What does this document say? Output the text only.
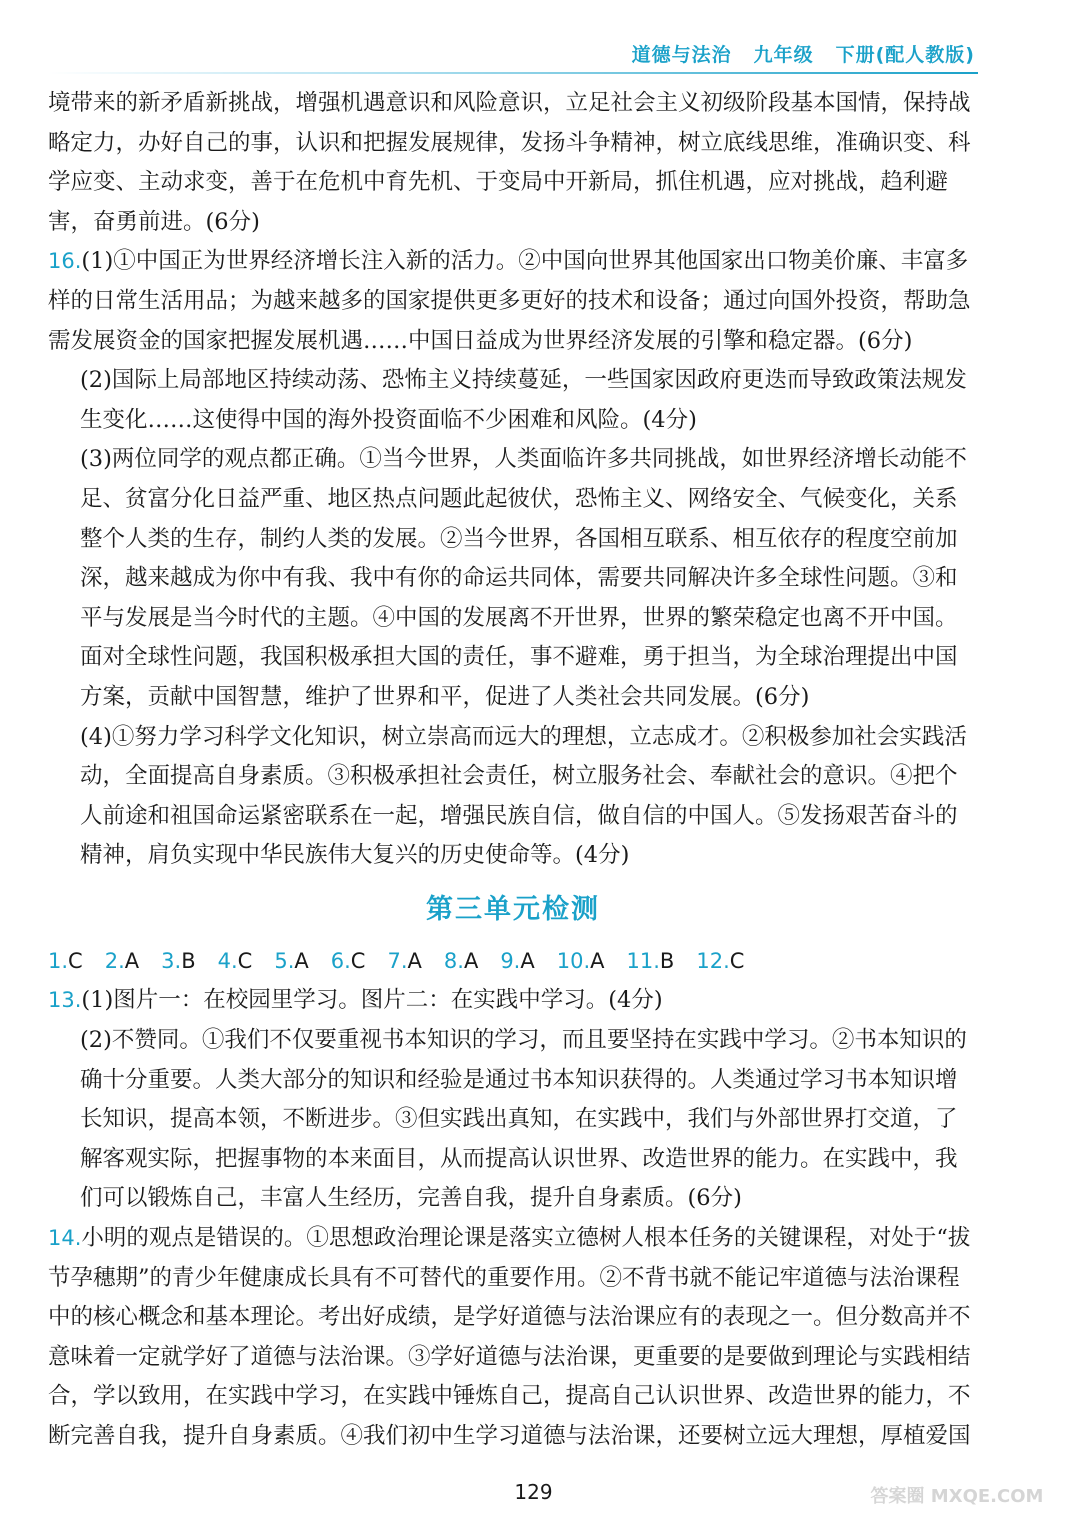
道德与法治 九年级 下册(配人教版)

境带来的新矛盾新挑战，增强机遇意识和风险意识，立足社会主义初级阶段基本国情，保持战略定力，办好自己的事，认识和把握发展规律，发扬斗争精神，树立底线思维，准确识变、科学应变、主动求变，善于在危机中育先机、于变局中开新局，抓住机遇，应对挑战，趋利避害，奋勇前进。(6分)

16.(1)①中国正为世界经济增长注入新的活力。②中国向世界其他国家出口物美价廉、丰富多样的日常生活用品；为越来越多的国家提供更多更好的技术和设备；通过向国外投资，帮助急需发展资金的国家把握发展机遇……中国日益成为世界经济发展的引擎和稳定器。(6分)

(2)国际上局部地区持续动荡、恐怖主义持续蔓延，一些国家因政府更迭而导致政策法规发生变化……这使得中国的海外投资面临不少困难和风险。(4分)

(3)两位同学的观点都正确。①当今世界，人类面临许多共同挑战，如世界经济增长动能不足、贫富分化日益严重、地区热点问题此起彼伏，恐怖主义、网络安全、气候变化，关系整个人类的生存，制约人类的发展。②当今世界，各国相互联系、相互依存的程度空前加深，越来越成为你中有我、我中有你的命运共同体，需要共同解决许多全球性问题。③和平与发展是当今时代的主题。④中国的发展离不开世界，世界的繁荣稳定也离不开中国。面对全球性问题，我国积极承担大国的责任，事不避难，勇于担当，为全球治理提出中国方案，贡献中国智慧，维护了世界和平，促进了人类社会共同发展。(6分)

(4)①努力学习科学文化知识，树立崇高而远大的理想，立志成才。②积极参加社会实践活动，全面提高自身素质。③积极承担社会责任，树立服务社会、奉献社会的意识。④把个人前途和祖国命运紧密联系在一起，增强民族自信，做自信的中国人。⑤发扬艰苦奋斗的精神，肩负实现中华民族伟大复兴的历史使命等。(4分)

第三单元检测
1.C 2.A 3.B 4.C 5.A 6.C 7.A 8.A 9.A 10.A 11.B 12.C

13.(1)图片一：在校园里学习。图片二：在实践中学习。(4分)

(2)不赞同。①我们不仅要重视书本知识的学习，而且要坚持在实践中学习。②书本知识的确十分重要。人类大部分的知识和经验是通过书本知识获得的。人类通过学习书本知识增长知识，提高本领，不断进步。③但实践出真知，在实践中，我们与外部世界打交道，了解客观实际，把握事物的本来面目，从而提高认识世界、改造世界的能力。在实践中，我们可以锻炼自己，丰富人生经历，完善自我，提升自身素质。(6分)

14.小明的观点是错误的。①思想政治理论课是落实立德树人根本任务的关键课程，对处于“拔节孕穗期”的青少年健康成长具有不可替代的重要作用。②不背书就不能记牢道德与法治课程中的核心概念和基本理论。考出好成绩，是学好道德与法治课应有的表现之一。但分数高并不意味着一定就学好了道德与法治课。③学好道德与法治课，更重要的是要做到理论与实践相结合，学以致用，在实践中学习，在实践中锤炼自己，提高自己认识世界、改造世界的能力，不断完善自我，提升自身素质。④我们初中生学习道德与法治课，还要树立远大理想，厚植爱国

129	答案圈 MXQE.COM
